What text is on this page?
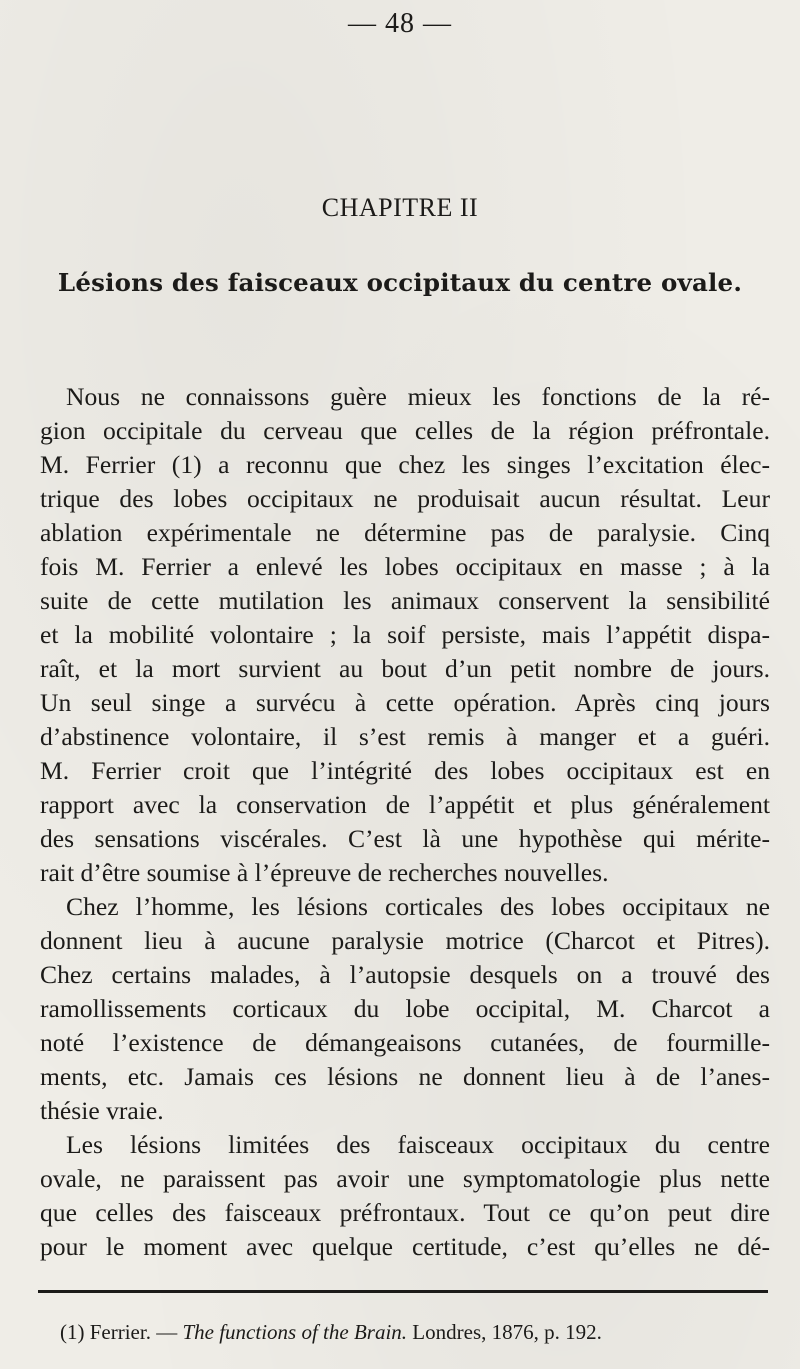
— 48 —
CHAPITRE II
Lésions des faisceaux occipitaux du centre ovale.
Nous ne connaissons guère mieux les fonctions de la ré-
gion occipitale du cerveau que celles de la région préfrontale.
M. Ferrier (1) a reconnu que chez les singes l’excitation élec-
trique des lobes occipitaux ne produisait aucun résultat. Leur
ablation expérimentale ne détermine pas de paralysie. Cinq
fois M. Ferrier a enlevé les lobes occipitaux en masse ; à la
suite de cette mutilation les animaux conservent la sensibilité
et la mobilité volontaire ; la soif persiste, mais l’appétit dispa-
raît, et la mort survient au bout d’un petit nombre de jours.
Un seul singe a survécu à cette opération. Après cinq jours
d’abstinence volontaire, il s’est remis à manger et a guéri.
M. Ferrier croit que l’intégrité des lobes occipitaux est en
rapport avec la conservation de l’appétit et plus généralement
des sensations viscérales. C’est là une hypothèse qui mérite-
rait d’être soumise à l’épreuve de recherches nouvelles.
Chez l’homme, les lésions corticales des lobes occipitaux ne
donnent lieu à aucune paralysie motrice (Charcot et Pitres).
Chez certains malades, à l’autopsie desquels on a trouvé des
ramollissements corticaux du lobe occipital, M. Charcot a
noté l’existence de démangeaisons cutanées, de fourmille-
ments, etc. Jamais ces lésions ne donnent lieu à de l’anes-
thésie vraie.
Les lésions limitées des faisceaux occipitaux du centre
ovale, ne paraissent pas avoir une symptomatologie plus nette
que celles des faisceaux préfrontaux. Tout ce qu’on peut dire
pour le moment avec quelque certitude, c’est qu’elles ne dé-
(1) Ferrier. — The functions of the Brain. Londres, 1876, p. 192.
